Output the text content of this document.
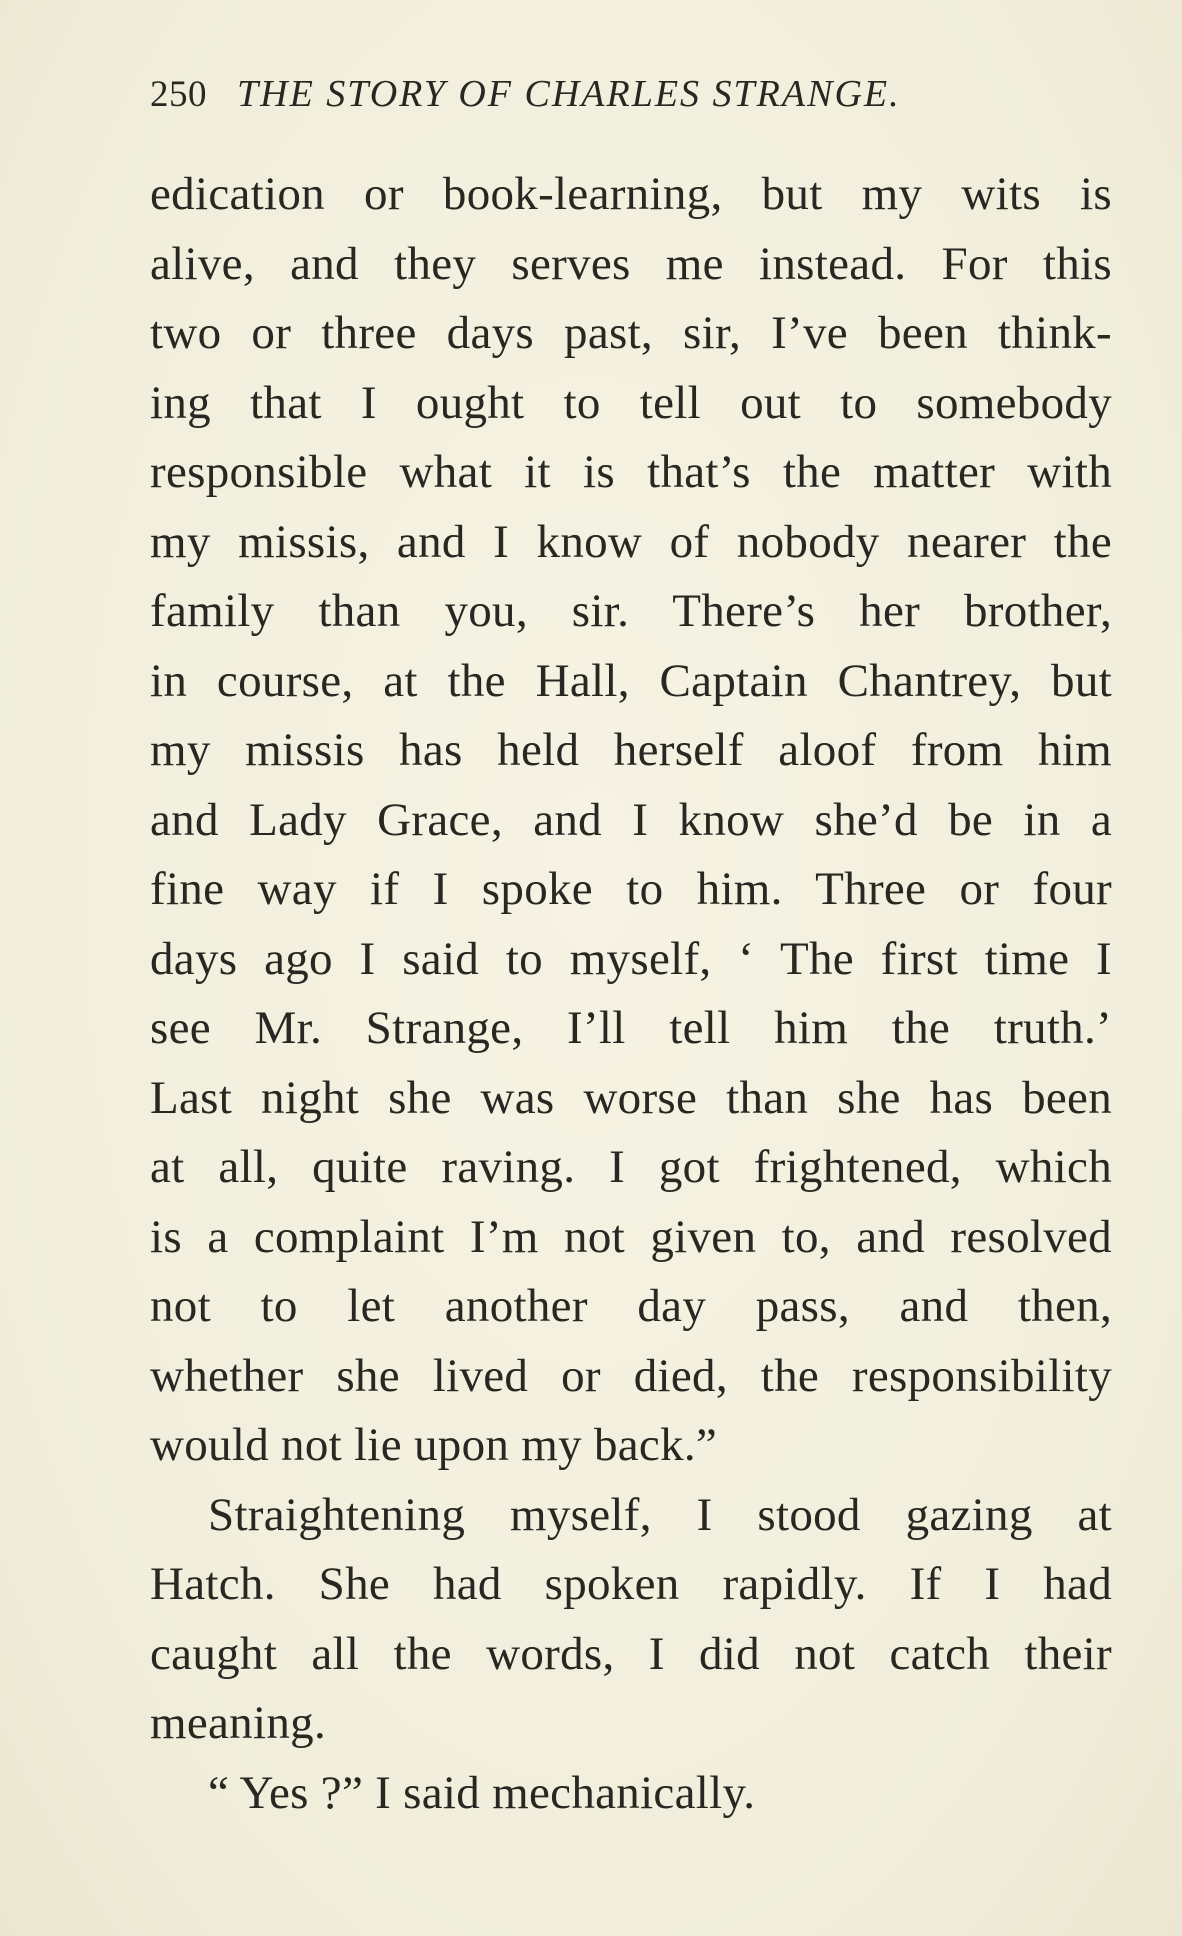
250 THE STORY OF CHARLES STRANGE.
edication or book-learning, but my wits is
alive, and they serves me instead. For this
two or three days past, sir, I’ve been think-
ing that I ought to tell out to somebody
responsible what it is that’s the matter with
my missis, and I know of nobody nearer the
family than you, sir. There’s her brother,
in course, at the Hall, Captain Chantrey, but
my missis has held herself aloof from him
and Lady Grace, and I know she’d be in a
fine way if I spoke to him. Three or four
days ago I said to myself, ‘ The first time I
see Mr. Strange, I’ll tell him the truth.’
Last night she was worse than she has been
at all, quite raving. I got frightened, which
is a complaint I’m not given to, and resolved
not to let another day pass, and then,
whether she lived or died, the responsibility
would not lie upon my back.”
Straightening myself, I stood gazing at
Hatch. She had spoken rapidly. If I had
caught all the words, I did not catch their
meaning.
“ Yes ?” I said mechanically.
